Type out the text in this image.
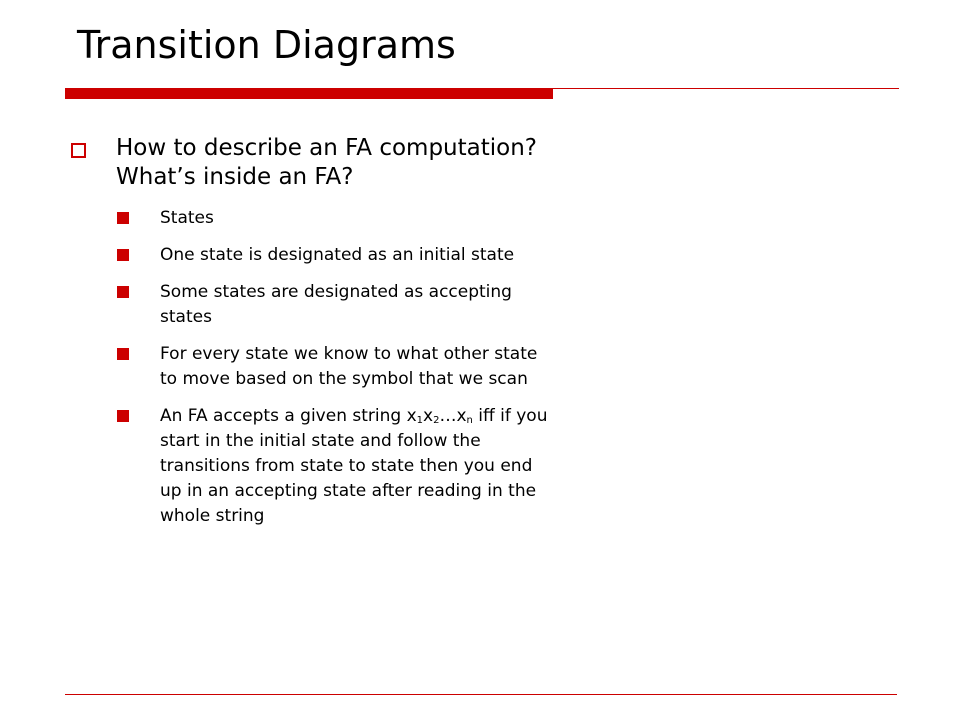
Transition Diagrams

How to describe an FA computation? What’s inside an FA?

States
One state is designated as an initial state
Some states are designated as accepting states
For every state we know to what other state to move based on the symbol that we scan
An FA accepts a given string $x_1x_2\dots x_n$ iff if you start in the initial state and follow the transitions from state to state then you end up in an accepting state after reading in the whole string
